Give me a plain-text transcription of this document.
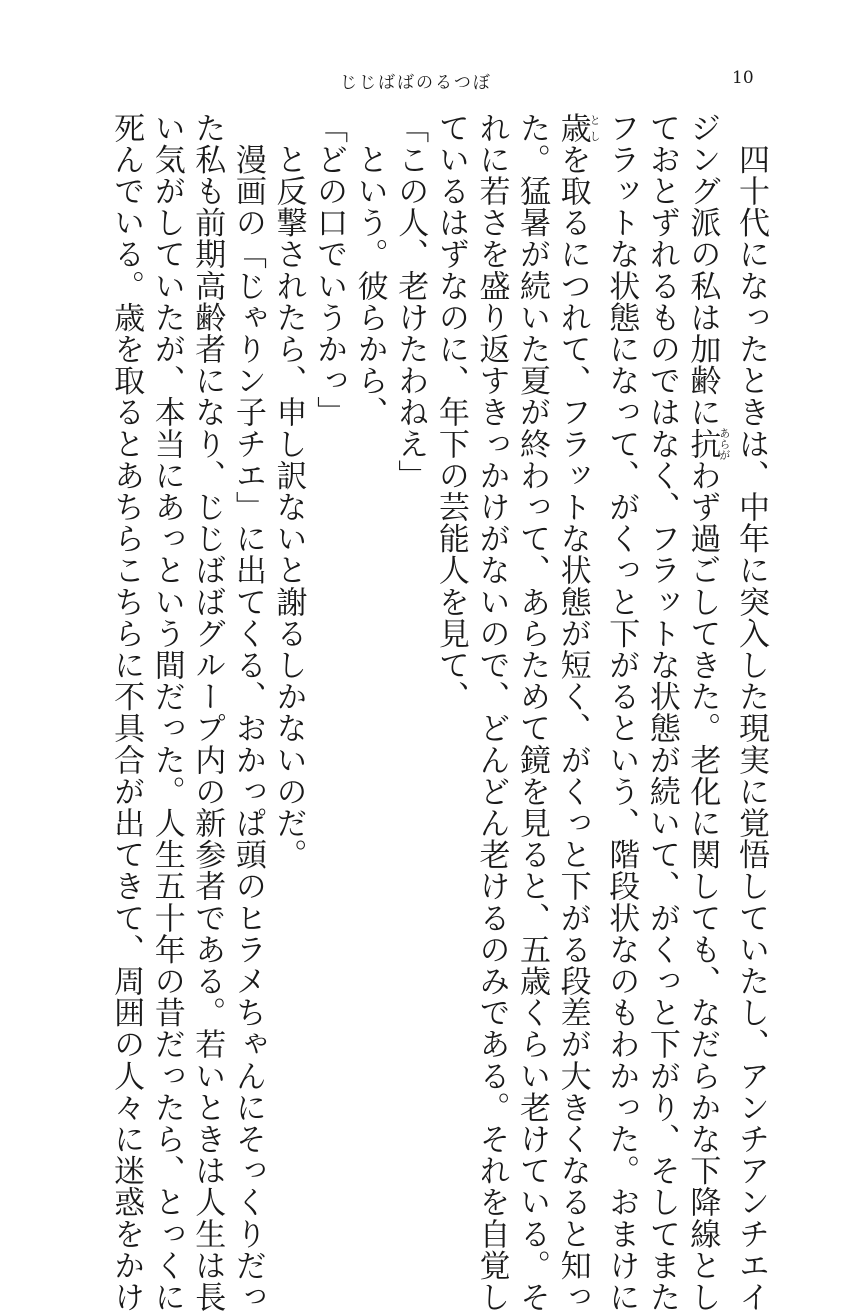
じじばばのるつぼ	10

　四十代になったときは、中年に突入した現実に覚悟していたし、アンチアンチエイ

ジング派の私は加齢に抗あらがわず過ごしてきた。老化に関しても、なだらかな下降線とし

ておとずれるものではなく、フラットな状態が続いて、がくっと下がり、そしてまた

フラットな状態になって、がくっと下がるという、階段状なのもわかった。おまけに

歳としを取るにつれて、フラットな状態が短く、がくっと下がる段差が大きくなると知っ

た。猛暑が続いた夏が終わって、あらためて鏡を見ると、五歳くらい老けている。そ

れに若さを盛り返すきっかけがないので、どんどん老けるのみである。それを自覚し

ているはずなのに、年下の芸能人を見て、

「この人、老けたわねえ」

　という。彼らから、

「どの口でいうかっ」

　と反撃されたら、申し訳ないと謝るしかないのだ。

　漫画の「じゃりン子チエ」に出てくる、おかっぱ頭のヒラメちゃんにそっくりだっ

た私も前期高齢者になり、じじばばグループ内の新参者である。若いときは人生は長

い気がしていたが、本当にあっという間だった。人生五十年の昔だったら、とっくに

死んでいる。歳を取るとあちらこちらに不具合が出てきて、周囲の人々に迷惑をかけ
